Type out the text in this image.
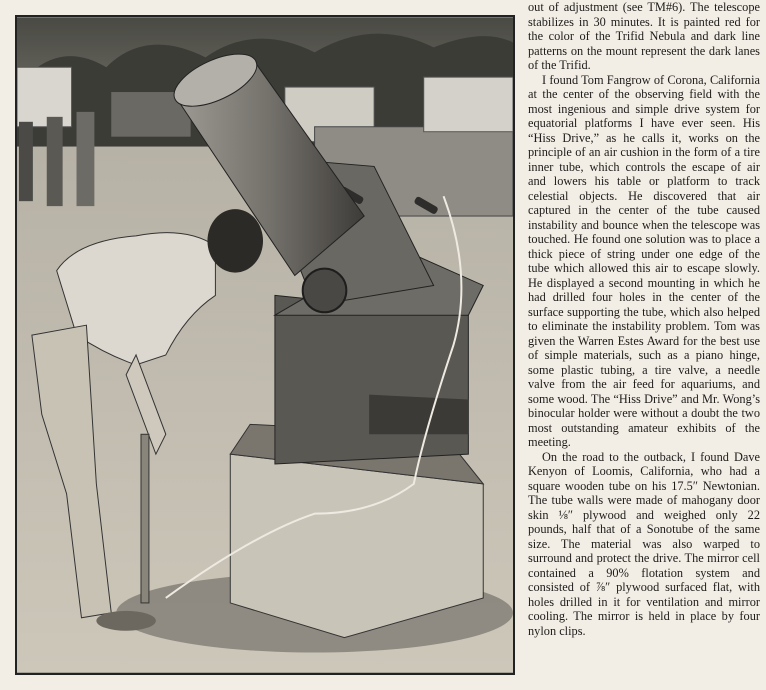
out of adjustment (see TM#6). The telescope stabilizes in 30 minutes. It is painted red for the color of the Trifid Nebula and dark line patterns on the mount represent the dark lanes of the Trifid.

I found Tom Fangrow of Corona, California at the center of the observing field with the most ingenious and simple drive system for equatorial platforms I have ever seen. His “Hiss Drive,” as he calls it, works on the principle of an air cushion in the form of a tire inner tube, which controls the escape of air and lowers his table or platform to track celestial objects. He discovered that air captured in the center of the tube caused instability and bounce when the telescope was touched. He found one solution was to place a thick piece of string under one edge of the tube which allowed this air to escape slowly. He displayed a second mounting in which he had drilled four holes in the center of the surface supporting the tube, which also helped to eliminate the instability problem. Tom was given the Warren Estes Award for the best use of simple materials, such as a piano hinge, some plastic tubing, a tire valve, a needle valve from the air feed for aquariums, and some wood. The “Hiss Drive” and Mr. Wong’s binocular holder were without a doubt the two most outstanding amateur exhibits of the meeting.

On the road to the outback, I found Dave Kenyon of Loomis, California, who had a square wooden tube on his 17.5″ Newtonian. The tube walls were made of mahogany door skin ⅛″ plywood and weighed only 22 pounds, half that of a Sonotube of the same size. The material was also warped to surround and protect the drive. The mirror cell contained a 90% flotation system and consisted of ⅞″ plywood surfaced flat, with holes drilled in it for ventilation and mirror cooling. The mirror is held in place by four nylon clips.
